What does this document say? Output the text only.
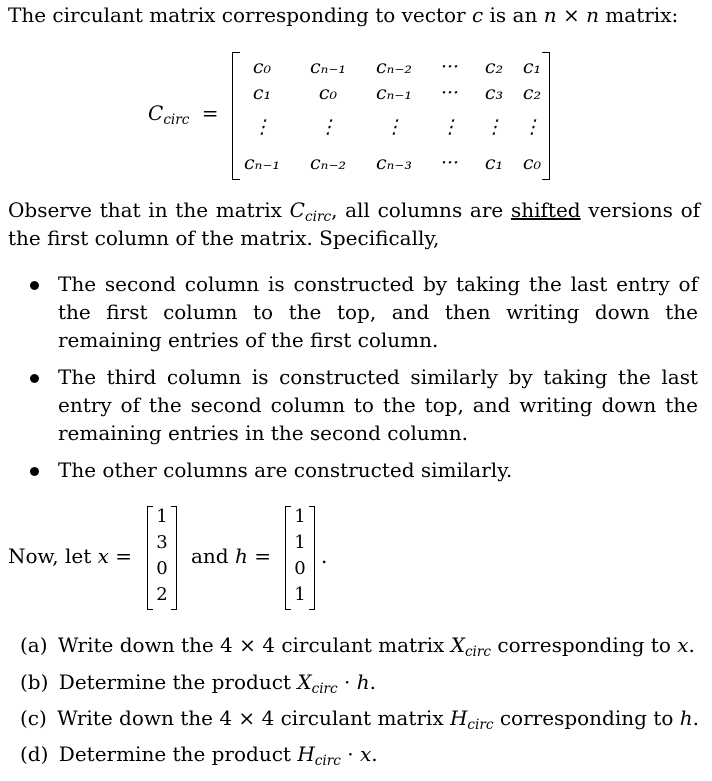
The circulant matrix corresponding to vector c is an n × n matrix:
$C_{circ}$ =
c₀ cₙ₋₁ cₙ₋₂ ··· c₂ c₁
c₁	c₀ cₙ₋₁ ··· c₃ c₂
⋮ ⋮ ⋮ ⋮ ⋮ ⋮
cₙ₋₁ cₙ₋₂ cₙ₋₃ ··· c₁ c₀
Observe that in the matrix $C_{circ}$, all columns are shifted versions of the first column of the matrix. Specifically,
The second column is constructed by taking the last entry of the first column to the top, and then writing down the remaining entries of the first column.
The third column is constructed similarly by taking the last entry of the second column to the top, and writing down the remaining entries in the second column.
The other columns are constructed similarly.
Now, let x =
1
3
0
2
and h =
1
1
0
1
.
(a) Write down the 4 × 4 circulant matrix $X_{circ}$ corresponding to x.
(b) Determine the product $X_{circ} \cdot h$.
(c) Write down the 4 × 4 circulant matrix $H_{circ}$ corresponding to h.
(d) Determine the product $H_{circ} \cdot x$.
